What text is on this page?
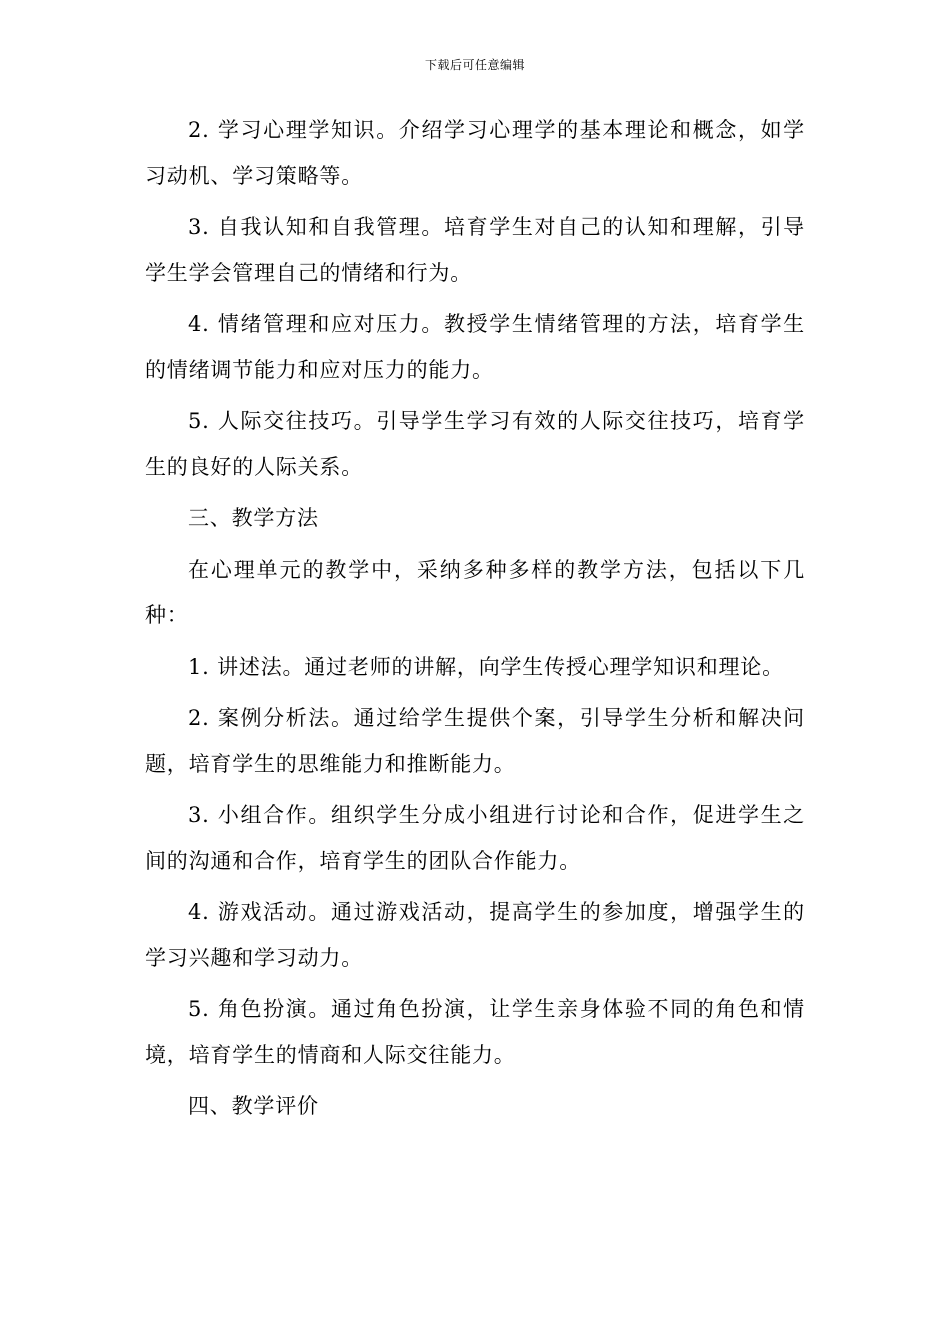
下载后可任意编辑

2. 学习心理学知识。介绍学习心理学的基本理论和概念，如学习动机、学习策略等。

3. 自我认知和自我管理。培育学生对自己的认知和理解，引导学生学会管理自己的情绪和行为。

4. 情绪管理和应对压力。教授学生情绪管理的方法，培育学生的情绪调节能力和应对压力的能力。

5. 人际交往技巧。引导学生学习有效的人际交往技巧，培育学生的良好的人际关系。

三、教学方法

在心理单元的教学中，采纳多种多样的教学方法，包括以下几种：

1. 讲述法。通过老师的讲解，向学生传授心理学知识和理论。

2. 案例分析法。通过给学生提供个案，引导学生分析和解决问题，培育学生的思维能力和推断能力。

3. 小组合作。组织学生分成小组进行讨论和合作，促进学生之间的沟通和合作，培育学生的团队合作能力。

4. 游戏活动。通过游戏活动，提高学生的参加度，增强学生的学习兴趣和学习动力。

5. 角色扮演。通过角色扮演，让学生亲身体验不同的角色和情境，培育学生的情商和人际交往能力。

四、教学评价
